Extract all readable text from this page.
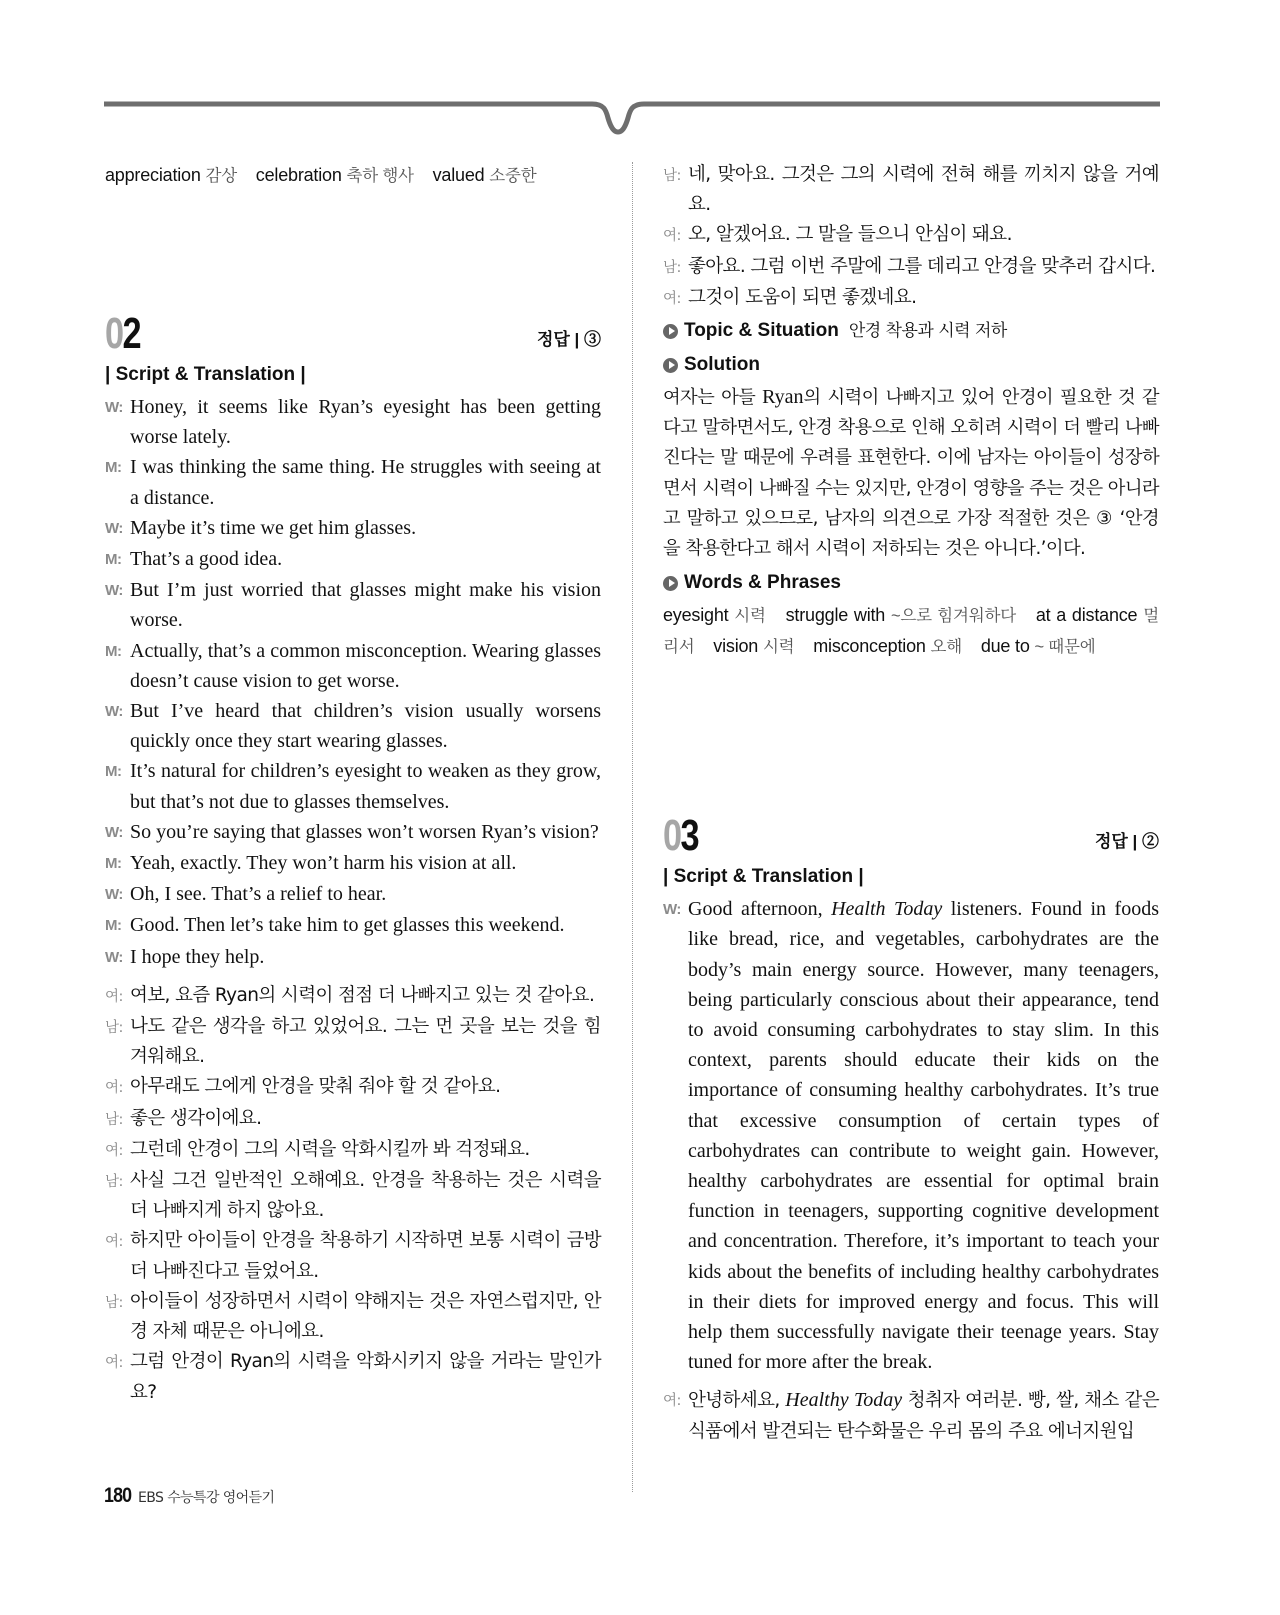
appreciation 감상 celebration 축하 행사 valued 소중한
02	정답 | ③
| Script & Translation |
W: Honey, it seems like Ryan’s eyesight has been getting worse lately.
M: I was thinking the same thing. He struggles with seeing at a distance.
W: Maybe it’s time we get him glasses.
M: That’s a good idea.
W: But I’m just worried that glasses might make his vision worse.
M: Actually, that’s a common misconception. Wearing glasses doesn’t cause vision to get worse.
W: But I’ve heard that children’s vision usually worsens quickly once they start wearing glasses.
M: It’s natural for children’s eyesight to weaken as they grow, but that’s not due to glasses themselves.
W: So you’re saying that glasses won’t worsen Ryan’s vision?
M: Yeah, exactly. They won’t harm his vision at all.
W: Oh, I see. That’s a relief to hear.
M: Good. Then let’s take him to get glasses this weekend.
W: I hope they help.
여: 여보, 요즘 Ryan의 시력이 점점 더 나빠지고 있는 것 같아요.
남: 나도 같은 생각을 하고 있었어요. 그는 먼 곳을 보는 것을 힘겨워해요.
여: 아무래도 그에게 안경을 맞춰 줘야 할 것 같아요.
남: 좋은 생각이에요.
여: 그런데 안경이 그의 시력을 악화시킬까 봐 걱정돼요.
남: 사실 그건 일반적인 오해예요. 안경을 착용하는 것은 시력을 더 나빠지게 하지 않아요.
여: 하지만 아이들이 안경을 착용하기 시작하면 보통 시력이 금방 더 나빠진다고 들었어요.
남: 아이들이 성장하면서 시력이 약해지는 것은 자연스럽지만, 안경 자체 때문은 아니에요.
여: 그럼 안경이 Ryan의 시력을 악화시키지 않을 거라는 말인가요?
남: 네, 맞아요. 그것은 그의 시력에 전혀 해를 끼치지 않을 거예요.
여: 오, 알겠어요. 그 말을 들으니 안심이 돼요.
남: 좋아요. 그럼 이번 주말에 그를 데리고 안경을 맞추러 갑시다.
여: 그것이 도움이 되면 좋겠네요.
Topic & Situation 안경 착용과 시력 저하
Solution
여자는 아들 Ryan의 시력이 나빠지고 있어 안경이 필요한 것 같다고 말하면서도, 안경 착용으로 인해 오히려 시력이 더 빨리 나빠진다는 말 때문에 우려를 표현한다. 이에 남자는 아이들이 성장하면서 시력이 나빠질 수는 있지만, 안경이 영향을 주는 것은 아니라고 말하고 있으므로, 남자의 의견으로 가장 적절한 것은 ③ ‘안경을 착용한다고 해서 시력이 저하되는 것은 아니다.’이다.
Words & Phrases
eyesight 시력 struggle with ~으로 힘겨워하다 at a distance 멀리서 vision 시력 misconception 오해 due to ~ 때문에
03	정답 | ②
| Script & Translation |
W: Good afternoon, Health Today listeners. Found in foods like bread, rice, and vegetables, carbohydrates are the body’s main energy source. However, many teenagers, being particularly conscious about their appearance, tend to avoid consuming carbohydrates to stay slim. In this context, parents should educate their kids on the importance of consuming healthy carbohydrates. It’s true that excessive consumption of certain types of carbohydrates can contribute to weight gain. However, healthy carbohydrates are essential for optimal brain function in teenagers, supporting cognitive development and concentration. Therefore, it’s important to teach your kids about the benefits of including healthy carbohydrates in their diets for improved energy and focus. This will help them successfully navigate their teenage years. Stay tuned for more after the break.
여: 안녕하세요, Healthy Today 청취자 여러분. 빵, 쌀, 채소 같은 식품에서 발견되는 탄수화물은 우리 몸의 주요 에너지원입
180 EBS 수능특강 영어듣기
